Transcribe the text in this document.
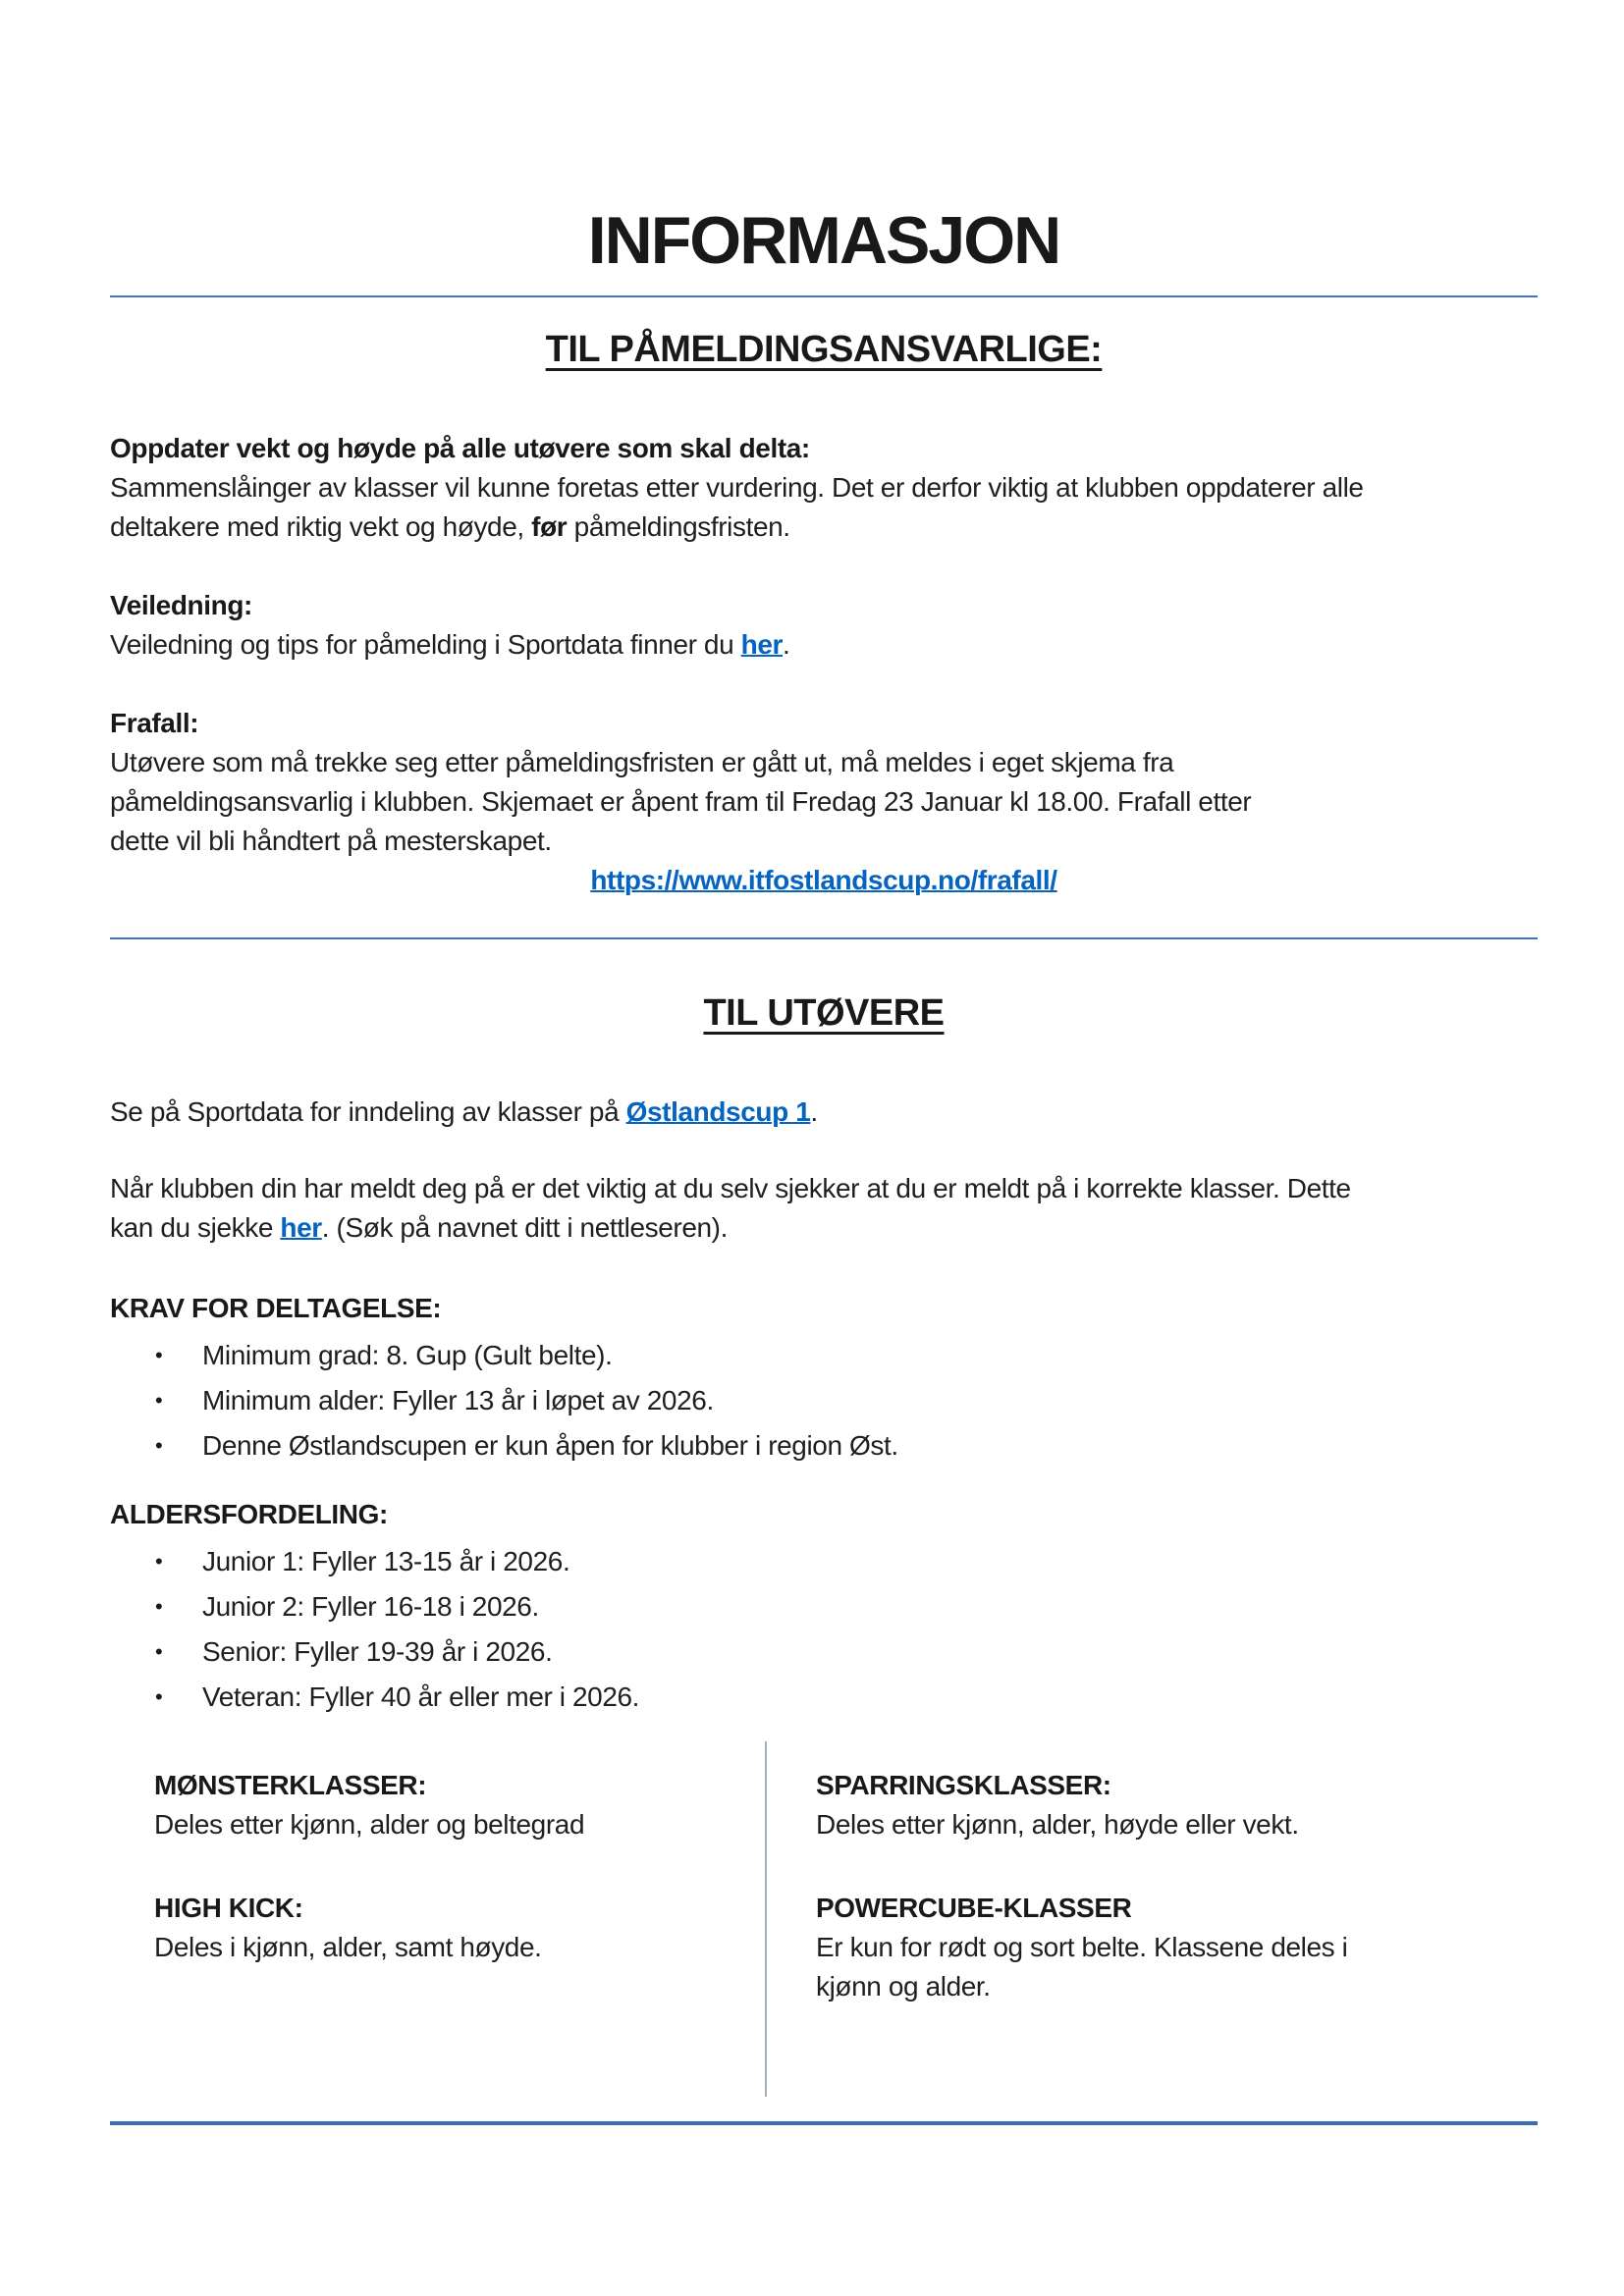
INFORMASJON
TIL PÅMELDINGSANSVARLIGE:
Oppdater vekt og høyde på alle utøvere som skal delta:
Sammenslåinger av klasser vil kunne foretas etter vurdering. Det er derfor viktig at klubben oppdaterer alle
deltakere med riktig vekt og høyde, før påmeldingsfristen.
Veiledning:
Veiledning og tips for påmelding i Sportdata finner du her.
Frafall:
Utøvere som må trekke seg etter påmeldingsfristen er gått ut, må meldes i eget skjema fra
påmeldingsansvarlig i klubben. Skjemaet er åpent fram til Fredag 23 Januar kl 18.00. Frafall etter
dette vil bli håndtert på mesterskapet.
https://www.itfostlandscup.no/frafall/
TIL UTØVERE
Se på Sportdata for inndeling av klasser på Østlandscup 1.
Når klubben din har meldt deg på er det viktig at du selv sjekker at du er meldt på i korrekte klasser. Dette
kan du sjekke her. (Søk på navnet ditt i nettleseren).
KRAV FOR DELTAGELSE:
•	Minimum grad: 8. Gup (Gult belte).
•	Minimum alder: Fyller 13 år i løpet av 2026.
•	Denne Østlandscupen er kun åpen for klubber i region Øst.
ALDERSFORDELING:
•	Junior 1: Fyller 13-15 år i 2026.
•	Junior 2: Fyller 16-18 i 2026.
•	Senior: Fyller 19-39 år i 2026.
•	Veteran: Fyller 40 år eller mer i 2026.
MØNSTERKLASSER:
Deles etter kjønn, alder og beltegrad
HIGH KICK:
Deles i kjønn, alder, samt høyde.
SPARRINGSKLASSER:
Deles etter kjønn, alder, høyde eller vekt.
POWERCUBE-KLASSER
Er kun for rødt og sort belte. Klassene deles i
kjønn og alder.
